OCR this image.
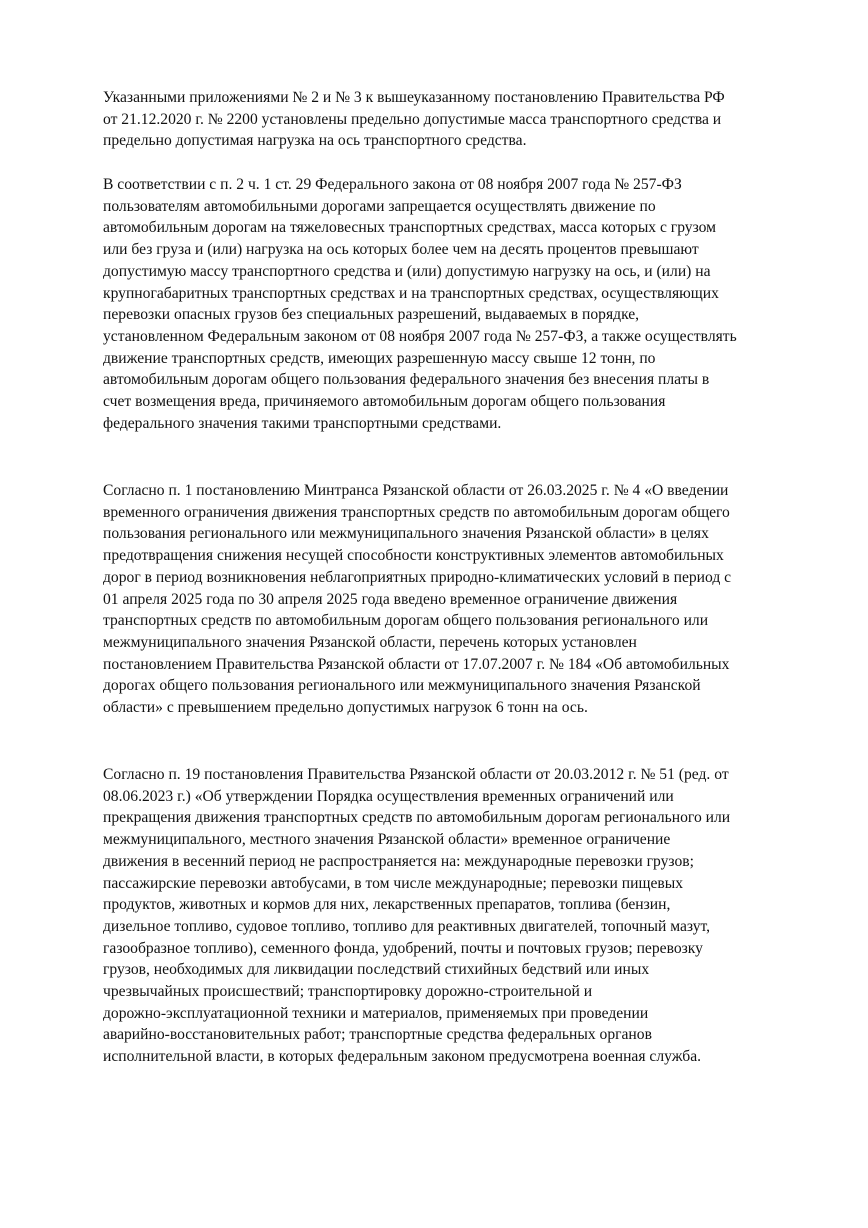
Указанными приложениями № 2 и № 3 к вышеуказанному постановлению Правительства РФ
от 21.12.2020 г. № 2200 установлены предельно допустимые масса транспортного средства и
предельно допустимая нагрузка на ось транспортного средства.

В соответствии с п. 2 ч. 1 ст. 29 Федерального закона от 08 ноября 2007 года № 257-ФЗ
пользователям автомобильными дорогами запрещается осуществлять движение по
автомобильным дорогам на тяжеловесных транспортных средствах, масса которых с грузом
или без груза и (или) нагрузка на ось которых более чем на десять процентов превышают
допустимую массу транспортного средства и (или) допустимую нагрузку на ось, и (или) на
крупногабаритных транспортных средствах и на транспортных средствах, осуществляющих
перевозки опасных грузов без специальных разрешений, выдаваемых в порядке,
установленном Федеральным законом от 08 ноября 2007 года № 257-ФЗ, а также осуществлять
движение транспортных средств, имеющих разрешенную массу свыше 12 тонн, по
автомобильным дорогам общего пользования федерального значения без внесения платы в
счет возмещения вреда, причиняемого автомобильным дорогам общего пользования
федерального значения такими транспортными средствами.

Согласно п. 1 постановлению Минтранса Рязанской области от 26.03.2025 г. № 4 «О введении
временного ограничения движения транспортных средств по автомобильным дорогам общего
пользования регионального или межмуниципального значения Рязанской области» в целях
предотвращения снижения несущей способности конструктивных элементов автомобильных
дорог в период возникновения неблагоприятных природно-климатических условий в период с
01 апреля 2025 года по 30 апреля 2025 года введено временное ограничение движения
транспортных средств по автомобильным дорогам общего пользования регионального или
межмуниципального значения Рязанской области, перечень которых установлен
постановлением Правительства Рязанской области от 17.07.2007 г. № 184 «Об автомобильных
дорогах общего пользования регионального или межмуниципального значения Рязанской
области» с превышением предельно допустимых нагрузок 6 тонн на ось.

Согласно п. 19 постановления Правительства Рязанской области от 20.03.2012 г. № 51 (ред. от
08.06.2023 г.) «Об утверждении Порядка осуществления временных ограничений или
прекращения движения транспортных средств по автомобильным дорогам регионального или
межмуниципального, местного значения Рязанской области» временное ограничение
движения в весенний период не распространяется на: международные перевозки грузов;
пассажирские перевозки автобусами, в том числе международные; перевозки пищевых
продуктов, животных и кормов для них, лекарственных препаратов, топлива (бензин,
дизельное топливо, судовое топливо, топливо для реактивных двигателей, топочный мазут,
газообразное топливо), семенного фонда, удобрений, почты и почтовых грузов; перевозку
грузов, необходимых для ликвидации последствий стихийных бедствий или иных
чрезвычайных происшествий; транспортировку дорожно-строительной и
дорожно-эксплуатационной техники и материалов, применяемых при проведении
аварийно-восстановительных работ; транспортные средства федеральных органов
исполнительной власти, в которых федеральным законом предусмотрена военная служба.
